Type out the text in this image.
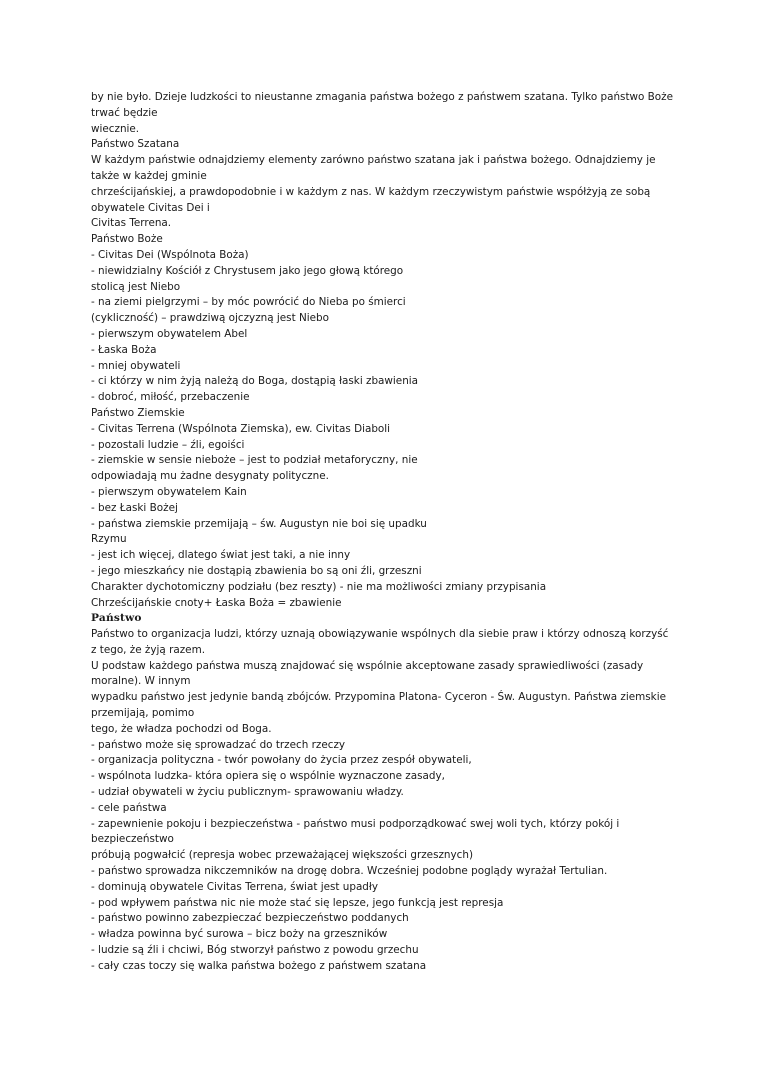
by nie było. Dzieje ludzkości to nieustanne zmagania państwa bożego z państwem szatana. Tylko państwo Boże
trwać będzie
wiecznie.
Państwo Szatana
W każdym państwie odnajdziemy elementy zarówno państwo szatana jak i państwa bożego. Odnajdziemy je
także w każdej gminie
chrześcijańskiej, a prawdopodobnie i w każdym z nas. W każdym rzeczywistym państwie współżyją ze sobą
obywatele Civitas Dei i
Civitas Terrena.
Państwo Boże
- Civitas Dei (Wspólnota Boża)
- niewidzialny Kościół z Chrystusem jako jego głową którego
stolicą jest Niebo
- na ziemi pielgrzymi – by móc powrócić do Nieba po śmierci
(cykliczność) – prawdziwą ojczyzną jest Niebo
- pierwszym obywatelem Abel
- Łaska Boża
- mniej obywateli
- ci którzy w nim żyją należą do Boga, dostąpią łaski zbawienia
- dobroć, miłość, przebaczenie
Państwo Ziemskie
- Civitas Terrena (Wspólnota Ziemska), ew. Civitas Diaboli
- pozostali ludzie – źli, egoiści
- ziemskie w sensie niebożе – jest to podział metaforyczny, nie
odpowiadają mu żadne desygnaty polityczne.
- pierwszym obywatelem Kain
- bez Łaski Bożej
- państwa ziemskie przemijają – św. Augustyn nie boi się upadku
Rzymu
- jest ich więcej, dlatego świat jest taki, a nie inny
- jego mieszkańcy nie dostąpią zbawienia bo są oni źli, grzeszni
Charakter dychotomiczny podziału (bez reszty) - nie ma możliwości zmiany przypisania
Chrześcijańskie cnoty+ Łaska Boża = zbawienie
Państwo
Państwo to organizacja ludzi, którzy uznają obowiązywanie wspólnych dla siebie praw i którzy odnoszą korzyść
z tego, że żyją razem.
U podstaw każdego państwa muszą znajdować się wspólnie akceptowane zasady sprawiedliwości (zasady
moralne). W innym
wypadku państwo jest jedynie bandą zbójców. Przypomina Platona- Cyceron - Św. Augustyn. Państwa ziemskie
przemijają, pomimo
tego, że władza pochodzi od Boga.
- państwo może się sprowadzać do trzech rzeczy
- organizacja polityczna - twór powołany do życia przez zespół obywateli,
- wspólnota ludzka- która opiera się o wspólnie wyznaczone zasady,
- udział obywateli w życiu publicznym- sprawowaniu władzy.
- cele państwa
- zapewnienie pokoju i bezpieczeństwa - państwo musi podporządkować swej woli tych, którzy pokój i
bezpieczeństwo
próbują pogwałcić (represja wobec przeważającej większości grzesznych)
- państwo sprowadza nikczemników na drogę dobra. Wcześniej podobne poglądy wyrażał Tertulian.
- dominują obywatele Civitas Terrena, świat jest upadły
- pod wpływem państwa nic nie może stać się lepsze, jego funkcją jest represja
- państwo powinno zabezpieczać bezpieczeństwo poddanych
- władza powinna być surowa – bicz boży na grzeszników
- ludzie są źli i chciwi, Bóg stworzył państwo z powodu grzechu
- cały czas toczy się walka państwa bożego z państwem szatana
